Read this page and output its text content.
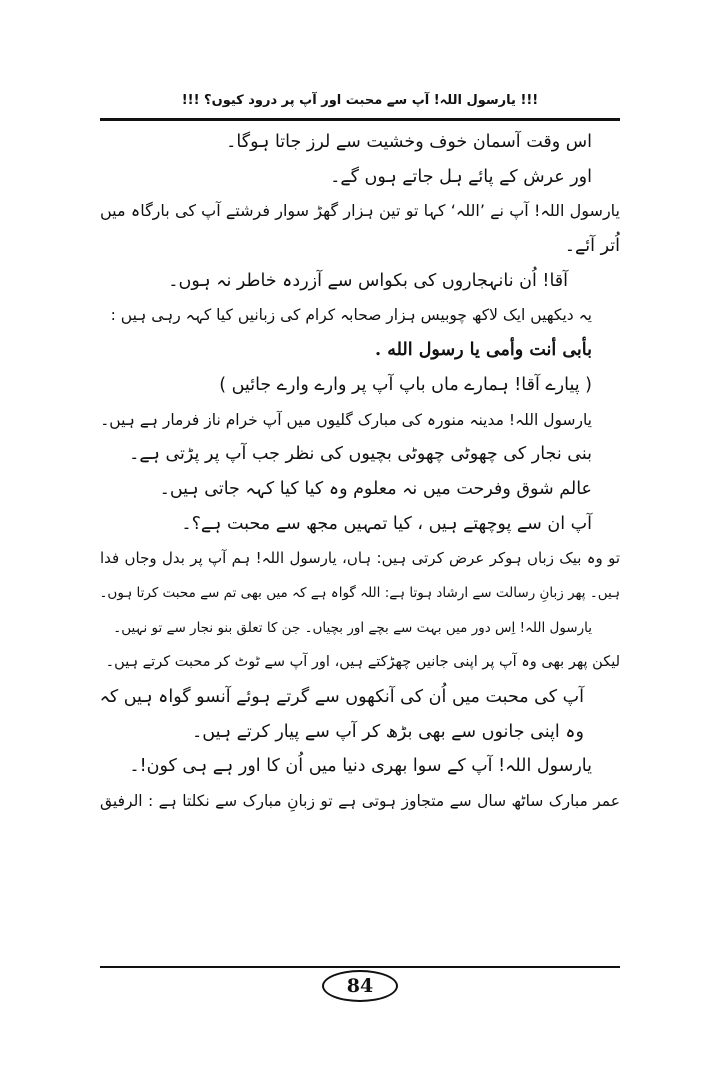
!!! یارسول اللہ! آپ سے محبت اور آپ پر درود کیوں؟ !!!
اس وقت آسمان خوف وخشیت سے لرز جاتا ہوگا۔
اور عرش کے پائے ہل جاتے ہوں گے۔
یارسول اللہ! آپ نے ’اللہ‘ کہا تو تین ہزار گھڑ سوار فرشتے آپ کی بارگاہ میں
اُتر آئے۔
آقا! اُن نانہجاروں کی بکواس سے آزردہ خاطر نہ ہوں۔
یہ دیکھیں ایک لاکھ چوبیس ہزار صحابہ کرام کی زبانیں کیا کہہ رہی ہیں :
بأبی أنت وأمی یا رسول الله .
( پیارے آقا! ہمارے ماں باپ آپ پر وارے وارے جائیں )
یارسول اللہ! مدینہ منورہ کی مبارک گلیوں میں آپ خرام ناز فرمار ہے ہیں۔
بنی نجار کی چھوٹی چھوٹی بچیوں کی نظر جب آپ پر پڑتی ہے۔
عالم شوق وفرحت میں نہ معلوم وہ کیا کیا کہہ جاتی ہیں۔
آپ ان سے پوچھتے ہیں ، کیا تمہیں مجھ سے محبت ہے؟۔
تو وہ بیک زباں ہوکر عرض کرتی ہیں: ہاں، یارسول اللہ! ہم آپ پر بدل وجاں فدا
ہیں۔ پھر زبانِ رسالت سے ارشاد ہوتا ہے: اللہ گواہ ہے کہ میں بھی تم سے محبت کرتا ہوں۔
یارسول اللہ! اِس دور میں بہت سے بچے اور بچیاں۔ جن کا تعلق بنو نجار سے تو نہیں۔
لیکن پھر بھی وہ آپ پر اپنی جانیں چھڑکتے ہیں، اور آپ سے ٹوٹ کر محبت کرتے ہیں۔
آپ کی محبت میں اُن کی آنکھوں سے گرتے ہوئے آنسو گواہ ہیں کہ
وہ اپنی جانوں سے بھی بڑھ کر آپ سے پیار کرتے ہیں۔
یارسول اللہ! آپ کے سوا بھری دنیا میں اُن کا اور ہے ہی کون!۔
عمر مبارک ساٹھ سال سے متجاوز ہوتی ہے تو زبانِ مبارک سے نکلتا ہے : الرفیق
84
